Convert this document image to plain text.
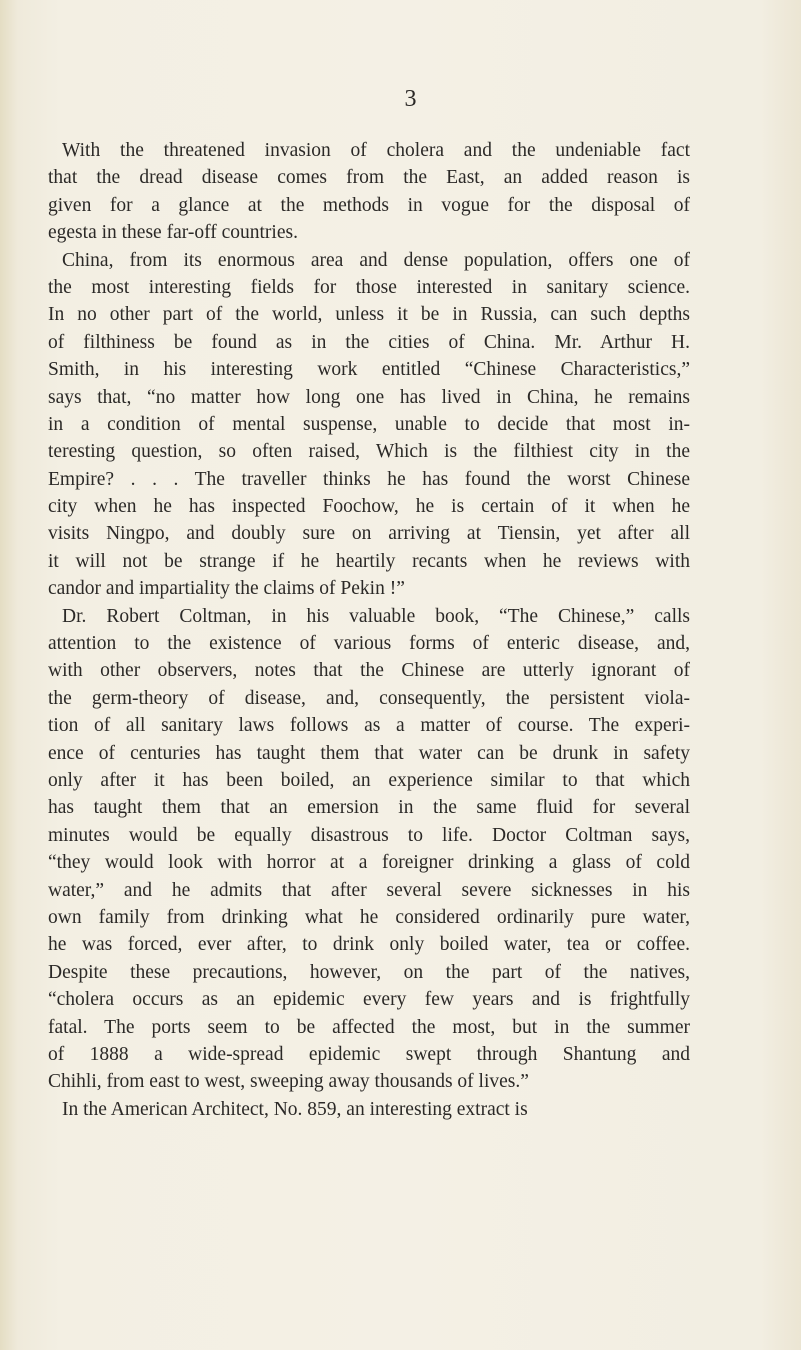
3
With the threatened invasion of cholera and the undeniable fact
that the dread disease comes from the East, an added reason is
given for a glance at the methods in vogue for the disposal of
egesta in these far-off countries.
China, from its enormous area and dense population, offers one of
the most interesting fields for those interested in sanitary science.
In no other part of the world, unless it be in Russia, can such depths
of filthiness be found as in the cities of China. Mr. Arthur H.
Smith, in his interesting work entitled “Chinese Characteristics,”
says that, “no matter how long one has lived in China, he remains
in a condition of mental suspense, unable to decide that most in-
teresting question, so often raised, Which is the filthiest city in the
Empire? . . . The traveller thinks he has found the worst Chinese
city when he has inspected Foochow, he is certain of it when he
visits Ningpo, and doubly sure on arriving at Tiensin, yet after all
it will not be strange if he heartily recants when he reviews with
candor and impartiality the claims of Pekin !”
Dr. Robert Coltman, in his valuable book, “The Chinese,” calls
attention to the existence of various forms of enteric disease, and,
with other observers, notes that the Chinese are utterly ignorant of
the germ-theory of disease, and, consequently, the persistent viola-
tion of all sanitary laws follows as a matter of course. The experi-
ence of centuries has taught them that water can be drunk in safety
only after it has been boiled, an experience similar to that which
has taught them that an emersion in the same fluid for several
minutes would be equally disastrous to life. Doctor Coltman says,
“they would look with horror at a foreigner drinking a glass of cold
water,” and he admits that after several severe sicknesses in his
own family from drinking what he considered ordinarily pure water,
he was forced, ever after, to drink only boiled water, tea or coffee.
Despite these precautions, however, on the part of the natives,
“cholera occurs as an epidemic every few years and is frightfully
fatal. The ports seem to be affected the most, but in the summer
of 1888 a wide-spread epidemic swept through Shantung and
Chihli, from east to west, sweeping away thousands of lives.”
In the American Architect, No. 859, an interesting extract is
